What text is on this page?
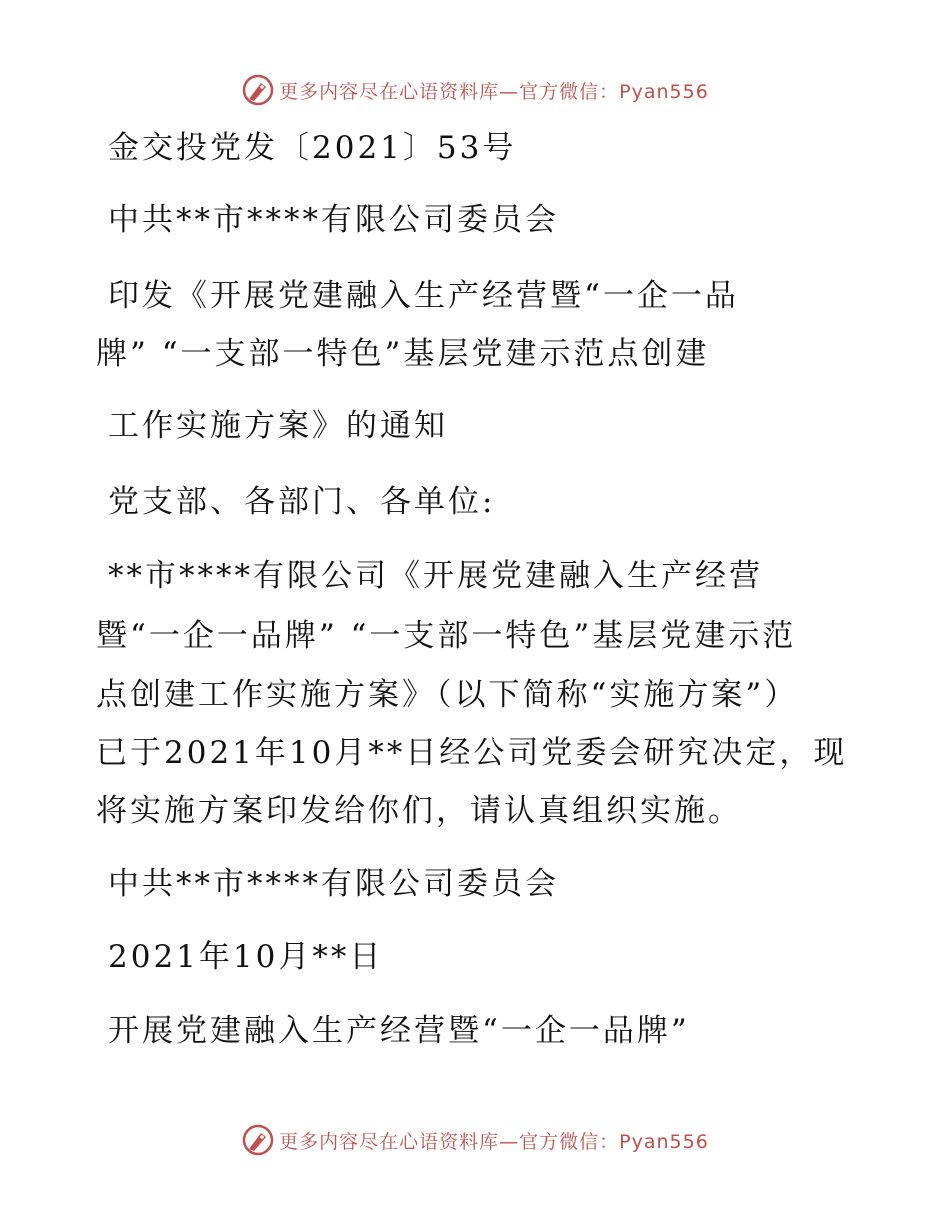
更多内容尽在心语资料库—官方微信：Pyan556
金交投党发〔2021〕53号
中共**市****有限公司委员会
印发《开展党建融入生产经营暨“一企一品
牌” “一支部一特色”基层党建示范点创建
工作实施方案》的通知
党支部、各部门、各单位:
**市****有限公司《开展党建融入生产经营
暨“一企一品牌” “一支部一特色”基层党建示范
点创建工作实施方案》（以下简称“实施方案”）
已于2021年10月**日经公司党委会研究决定，现
将实施方案印发给你们，请认真组织实施。
中共**市****有限公司委员会
2021年10月**日
开展党建融入生产经营暨“一企一品牌”
更多内容尽在心语资料库—官方微信：Pyan556
